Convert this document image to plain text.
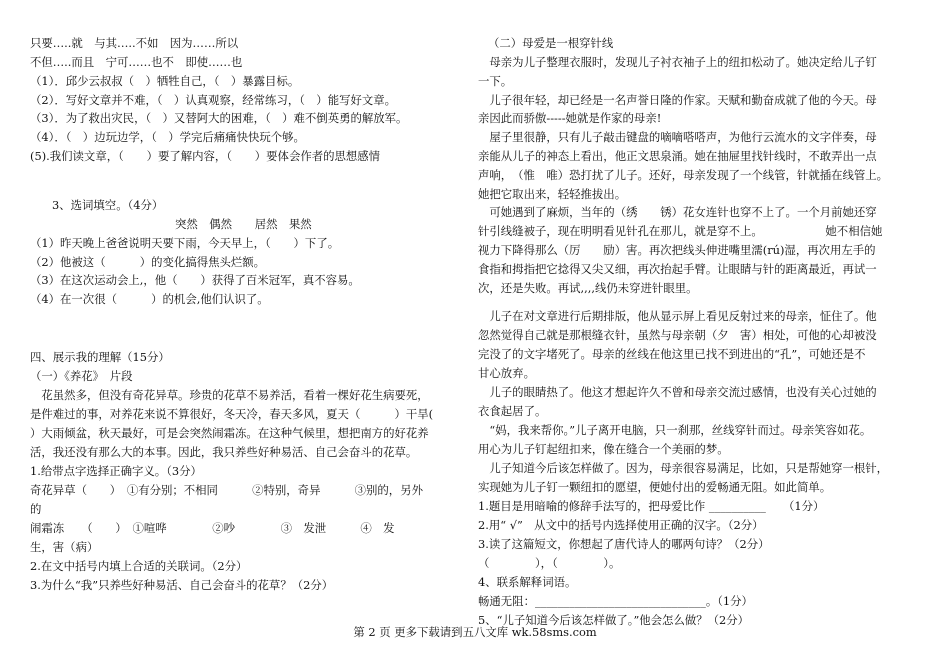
只要…..就　与其…..不如　因为……所以
不但…..而且　宁可……也不　即使……也
（1）．邱少云叔叔（　）牺牲自己，（　）暴露目标。
（2）．写好文章并不难，（　）认真观察，经常练习，（　）能写好文章。
（3）．为了救出灾民，（　）又替阿大的困难，（　）难不倒英勇的解放军。
（4）．（　）边玩边学，（　）学完后痛痛快快玩个够。
(5).我们读文章，（　　）要了解内容，（　　）要体会作者的思想感情
3、选词填空。（4分）
突然　偶然　　居然　果然
（1）昨天晚上爸爸说明天要下雨，今天早上，（　　）下了。
（2）他被这（　　　）的变化搞得焦头烂额。
（3）在这次运动会上,，他（　　）获得了百米冠军，真不容易。
（4）在一次很（　　　）的机会,他们认识了。
四、展示我的理解（15分）
（一）《养花》　片段
　花虽然多，但没有奇花异草。珍贵的花草不易养活，看着一棵好花生病要死，
是件难过的事，对养花来说不算很好，冬天冷，春天多风，夏天（　　　）干旱(
）大雨倾盆，秋天最好，可是会突然闹霜冻。在这种气候里，想把南方的好花养
活，我还没有那么大的本事。因此，我只养些好种易活、自己会奋斗的花草。
1.给带点字选择正确字义。（3分）
奇花异草（　　）　①有分别；不相同　　　②特别，奇异　　　③别的，另外
的
闹霜冻　　（　　）　①喧哗　　　　②吵　　　　③　发泄　　　④　发
生，害（病）
2.在文中括号内填上合适的关联词。（2分）
3.为什么“我”只养些好种易活、自己会奋斗的花草？（2分）
（二）母爱是一根穿针线
　母亲为儿子整理衣服时，发现儿子衬衣袖子上的纽扣松动了。她决定给儿子钉
一下。
　儿子很年轻，却已经是一名声誉日隆的作家。天赋和勤奋成就了他的今天。母
亲因此而骄傲-----她就是作家的母亲!
　屋子里很静，只有儿子敲击键盘的嘀嘀嗒嗒声，为他行云流水的文字伴奏，母
亲能从儿子的神态上看出，他正文思泉涌。她在抽屉里找针线时，不敢弄出一点
声响，　（惟　唯）恐打扰了儿子。还好，母亲发现了一个线管，针就插在线管上。
她把它取出来，轻轻推拔出。
　可她遇到了麻烦，当年的（绣　　锈）花女连针也穿不上了。一个月前她还穿
针引线缝被子，现在明明看见针孔在那儿，就是穿不上。　　　　　　她不相信她
视力下降得那么（厉　　励）害。再次把线头伸进嘴里濡(rú)湿，再次用左手的
食指和拇指把它捻得又尖又细，再次抬起手臂。让眼睛与针的距离最近，再试一
次，还是失败。再试,,,,线仍未穿进针眼里。
　儿子在对文章进行后期排版，他从显示屏上看见反射过来的母亲，怔住了。他
忽然觉得自己就是那根缝衣针，虽然与母亲朝（夕　害）相处，可他的心却被没
完没了的文字堵死了。母亲的丝线在他这里已找不到进出的“孔”，可她还是不
甘心放弃。
　儿子的眼睛热了。他这才想起许久不曾和母亲交流过感情，也没有关心过她的
衣食起居了。
　“妈，我来帮你。”儿子离开电脑，只一刹那，丝线穿针而过。母亲笑容如花。
用心为儿子钉起纽扣来，像在缝合一个美丽的梦。
　儿子知道今后该怎样做了。因为，母亲很容易满足，比如，只是帮她穿一根针，
实现她为儿子钉一颗纽扣的愿望，便她付出的爱畅通无阻。如此简单。
1.题目是用暗喻的修辞手法写的，把母爱比作 __________　　（1分）
2.用“ √”　从文中的括号内选择使用正确的汉字。（2分）
3.读了这篇短文，你想起了唐代诗人的哪两句诗？（2分）
（　　　　），（　　　　）。
4、联系解释词语。
畅通无阻：______________________________。（1分）
5、“儿子知道今后该怎样做了。”他会怎么做？（2分）
第 2 页 更多下载请到五八文库 wk.58sms.com
